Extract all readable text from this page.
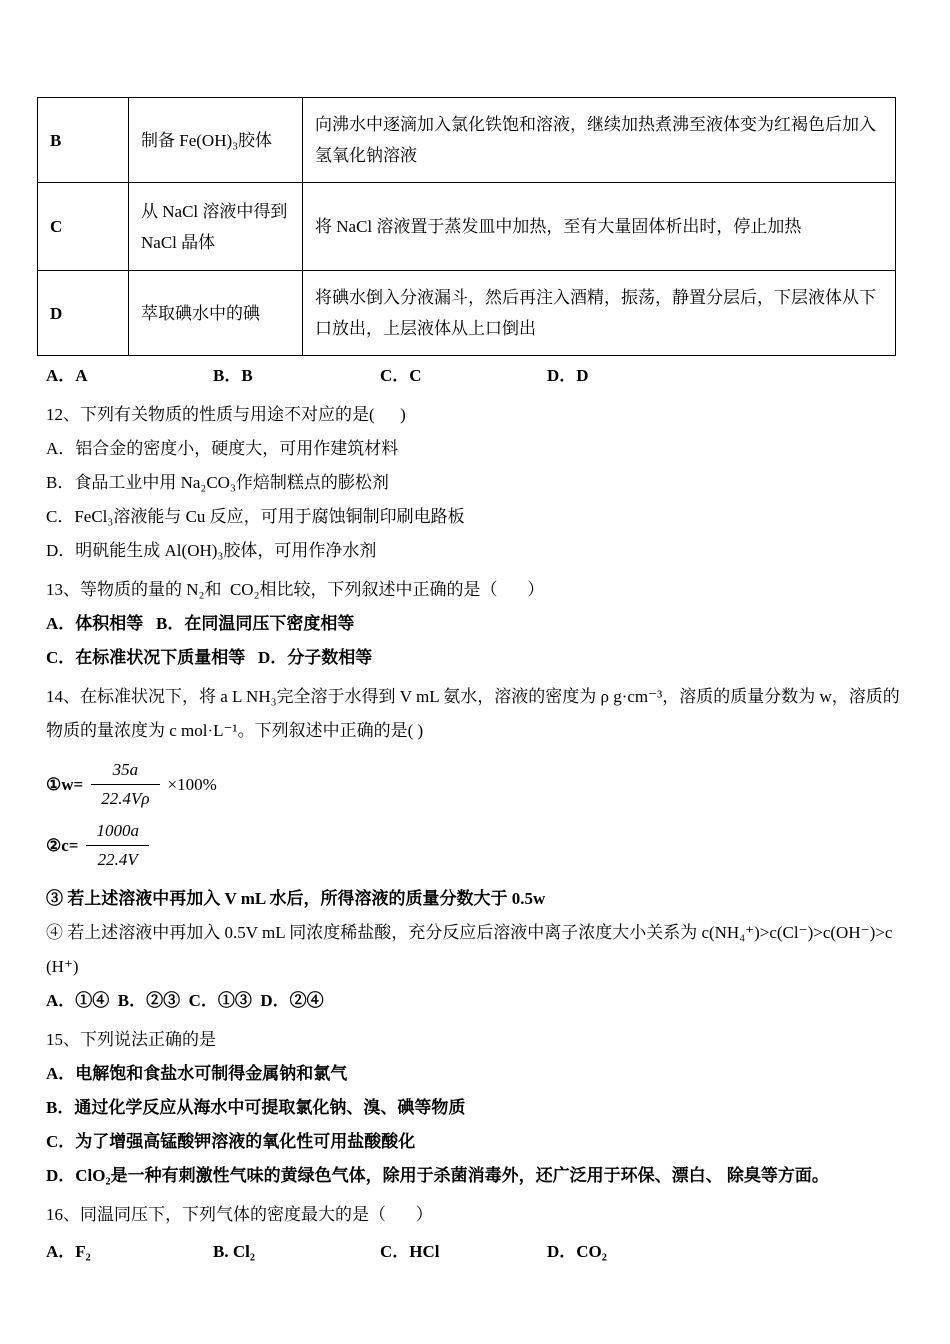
B	制备 Fe(OH)₃胶体	向沸水中逐滴加入氯化铁饱和溶液，继续加热煮沸至液体变为红褐色后加入氢氧化钠溶液
C	从 NaCl 溶液中得到 NaCl 晶体	将 NaCl 溶液置于蒸发皿中加热，至有大量固体析出时，停止加热
D	萃取碘水中的碘	将碘水倒入分液漏斗，然后再注入酒精，振荡，静置分层后，下层液体从下口放出，上层液体从上口倒出
A．A	B．B	C．C	D．D
12、下列有关物质的性质与用途不对应的是(      )
A．铝合金的密度小，硬度大，可用作建筑材料
B．食品工业中用 Na₂CO₃作焙制糕点的膨松剂
C．FeCl₃溶液能与 Cu 反应，可用于腐蚀铜制印刷电路板
D．明矾能生成 Al(OH)₃胶体，可用作净水剂
13、等物质的量的 N₂和  CO₂相比较，下列叙述中正确的是（       ）
A．体积相等   B．在同温同压下密度相等
C．在标准状况下质量相等   D．分子数相等
14、在标准状况下，将 a L NH₃完全溶于水得到 V mL 氨水，溶液的密度为 ρ g·cm⁻³，溶质的质量分数为 w，溶质的物质的量浓度为 c mol·L⁻¹。下列叙述中正确的是( )
①w= $\frac{35a}{22.4V\rho} \times 100\%$
②c= $\frac{1000a}{22.4V}$
③ 若上述溶液中再加入 V mL 水后，所得溶液的质量分数大于 0.5w
④ 若上述溶液中再加入 0.5V mL 同浓度稀盐酸，充分反应后溶液中离子浓度大小关系为 c(NH₄⁺)>c(Cl⁻)>c(OH⁻)>c(H⁺)
A．①④  B．②③  C．①③  D．②④
15、下列说法正确的是
A．电解饱和食盐水可制得金属钠和氯气
B．通过化学反应从海水中可提取氯化钠、溴、碘等物质
C．为了增强高锰酸钾溶液的氧化性可用盐酸酸化
D．ClO₂是一种有刺激性气味的黄绿色气体，除用于杀菌消毒外，还广泛用于环保、漂白、 除臭等方面。
16、同温同压下，下列气体的密度最大的是（       ）
A．F₂	B. Cl₂	C．HCl	D．CO₂
